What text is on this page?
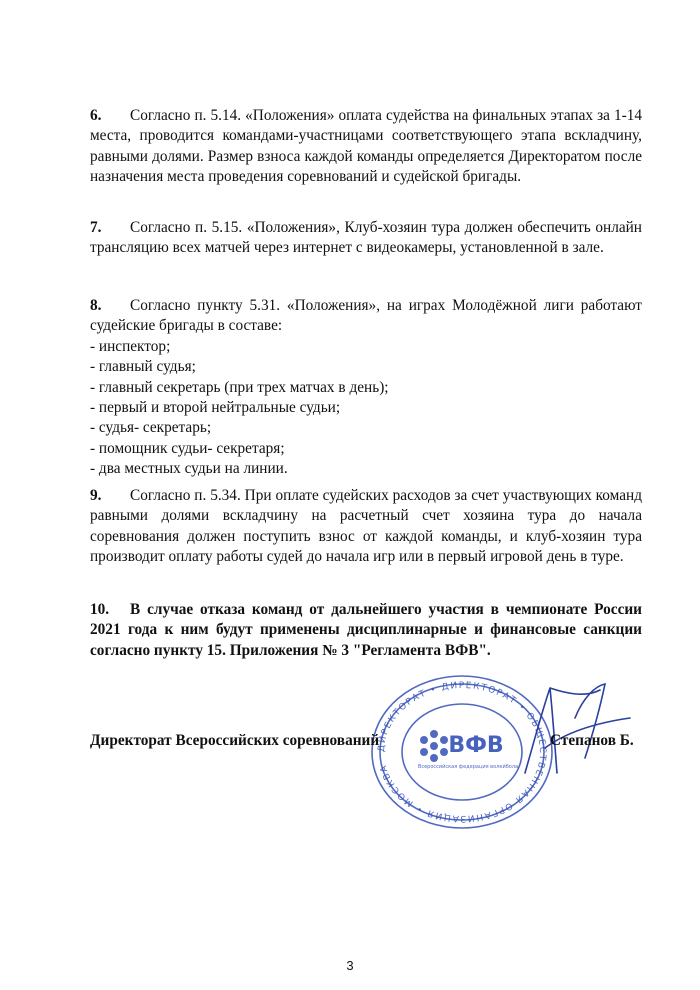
6. Согласно п. 5.14. «Положения» оплата судейства на финальных этапах за 1-14 места, проводится командами-участницами соответствующего этапа вскладчину, равными долями. Размер взноса каждой команды определяется Директоратом после назначения места проведения соревнований и судейской бригады.
7. Согласно п. 5.15. «Положения», Клуб-хозяин тура должен обеспечить онлайн трансляцию всех матчей через интернет с видеокамеры, установленной в зале.
8. Согласно пункту 5.31. «Положения», на играх Молодёжной лиги работают судейские бригады в составе:
- инспектор;
- главный судья;
- главный секретарь (при трех матчах в день);
- первый и второй нейтральные судьи;
- судья- секретарь;
- помощник судьи- секретаря;
- два местных судьи на линии.
9. Согласно п. 5.34. При оплате судейских расходов за счет участвующих команд равными долями вскладчину на расчетный счет хозяина тура до начала соревнования должен поступить взнос от каждой команды, и клуб-хозяин тура производит оплату работы судей до начала игр или в первый игровой день в туре.
10. В случае отказа команд от дальнейшего участия в чемпионате России 2021 года к ним будут применены дисциплинарные и финансовые санкции согласно пункту 15. Приложения № 3 "Регламента ВФВ".
ДИРЕКТОРАТ • ДИРЕКТОРАТ • ОБЩЕСТВЕННАЯ ОРГАНИЗАЦИЯ • МОСКВА
ВФВ
Всероссийская федерация волейбола
Директорат Всероссийских соревнований	Степанов Б.
3
